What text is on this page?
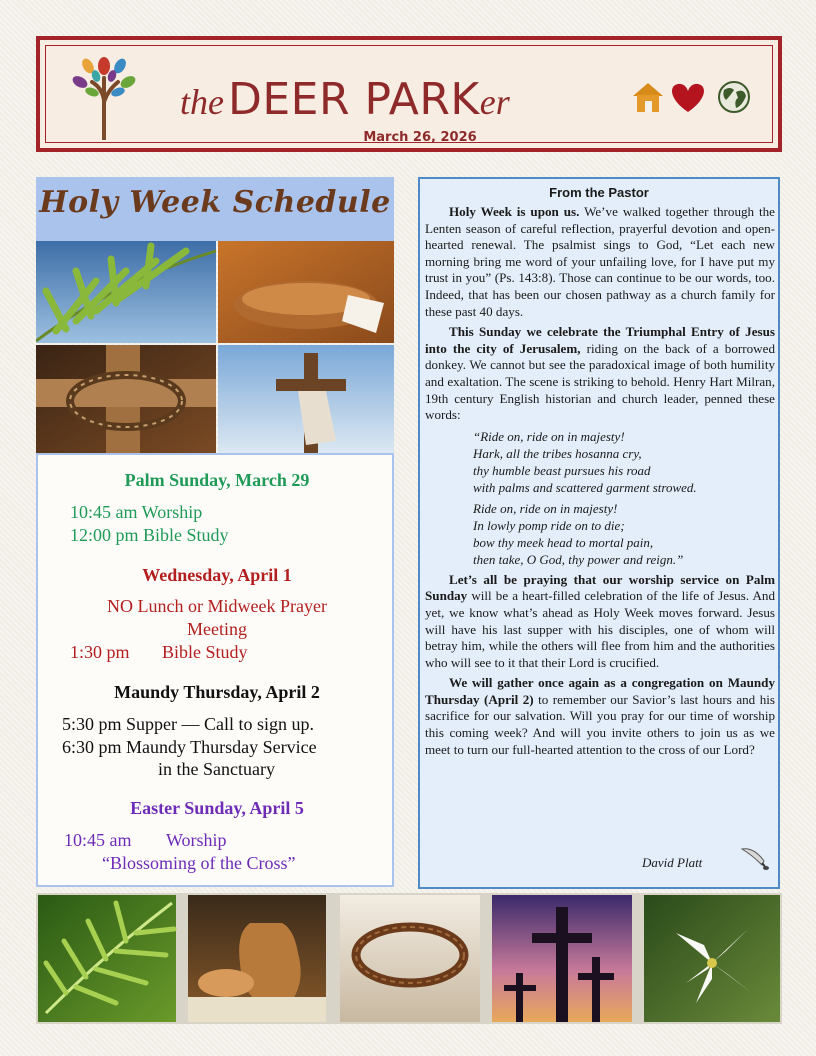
the DEER PARKer
March 26, 2026
Holy Week Schedule
Palm Sunday, March 29
10:45 am Worship
12:00 pm Bible Study
Wednesday, April 1
NO Lunch or Midweek Prayer
Meeting
1:30 pm Bible Study
Maundy Thursday, April 2
5:30 pm Supper — Call to sign up.
6:30 pm Maundy Thursday Service
in the Sanctuary
Easter Sunday, April 5
10:45 am Worship
“Blossoming of the Cross”
From the Pastor

Holy Week is upon us. We’ve walked together through the Lenten season of careful reflection, prayerful devotion and open-hearted renewal. The psalmist sings to God, “Let each new morning bring me word of your unfailing love, for I have put my trust in you” (Ps. 143:8). Those can continue to be our words, too. Indeed, that has been our chosen pathway as a church family for these past 40 days.

This Sunday we celebrate the Triumphal Entry of Jesus into the city of Jerusalem, riding on the back of a borrowed donkey. We cannot but see the paradoxical image of both humility and exaltation. The scene is striking to behold. Henry Hart Milran, 19th century English historian and church leader, penned these words:

“Ride on, ride on in majesty!
Hark, all the tribes hosanna cry,
thy humble beast pursues his road
with palms and scattered garment strowed.
Ride on, ride on in majesty!
In lowly pomp ride on to die;
bow thy meek head to mortal pain,
then take, O God, thy power and reign.”

Let’s all be praying that our worship service on Palm Sunday will be a heart-filled celebration of the life of Jesus. And yet, we know what’s ahead as Holy Week moves forward. Jesus will have his last supper with his disciples, one of whom will betray him, while the others will flee from him and the authorities who will see to it that their Lord is crucified.

We will gather once again as a congregation on Maundy Thursday (April 2) to remember our Savior’s last hours and his sacrifice for our salvation. Will you pray for our time of worship this coming week? And will you invite others to join us as we meet to turn our full-hearted attention to the cross of our Lord?

David Platt
